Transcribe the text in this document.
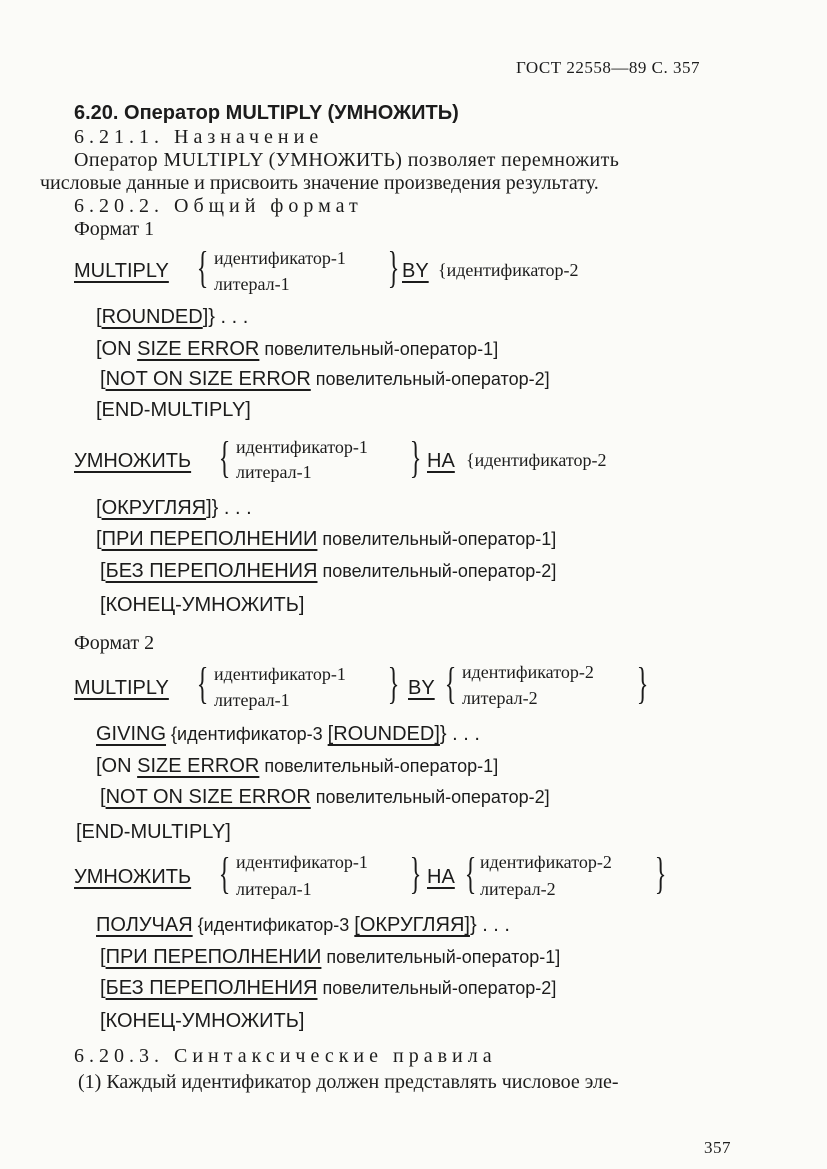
ГОСТ 22558—89 С. 357
6.20. Оператор MULTIPLY (УМНОЖИТЬ)
6.21.1. Назначение
Оператор MULTIPLY (УМНОЖИТЬ) позволяет перемножить
числовые данные и присвоить значение произведения результату.
6.20.2. Общий формат
Формат 1
MULTIPLY { идентификатор-1
литерал-1 } BY {идентификатор-2
[ROUNDED]} . . .
[ON SIZE ERROR повелительный-оператор-1]
[NOT ON SIZE ERROR повелительный-оператор-2]
[END-MULTIPLY]
УМНОЖИТЬ { идентификатор-1
литерал-1 } НА {идентификатор-2
[ОКРУГЛЯЯ]} . . .
[ПРИ ПЕРЕПОЛНЕНИИ повелительный-оператор-1]
[БЕЗ ПЕРЕПОЛНЕНИЯ повелительный-оператор-2]
[КОНЕЦ-УМНОЖИТЬ]
Формат 2
MULTIPLY { идентификатор-1
литерал-1 } BY { идентификатор-2
литерал-2 }
GIVING {идентификатор-3 [ROUNDED]} . . .
[ON SIZE ERROR повелительный-оператор-1]
[NOT ON SIZE ERROR повелительный-оператор-2]
[END-MULTIPLY]
УМНОЖИТЬ { идентификатор-1
литерал-1 } НА { идентификатор-2
литерал-2 }
ПОЛУЧАЯ {идентификатор-3 [ОКРУГЛЯЯ]} . . .
[ПРИ ПЕРЕПОЛНЕНИИ повелительный-оператор-1]
[БЕЗ ПЕРЕПОЛНЕНИЯ повелительный-оператор-2]
[КОНЕЦ-УМНОЖИТЬ]
6.20.3. Синтаксические правила
(1) Каждый идентификатор должен представлять числовое эле-
357
